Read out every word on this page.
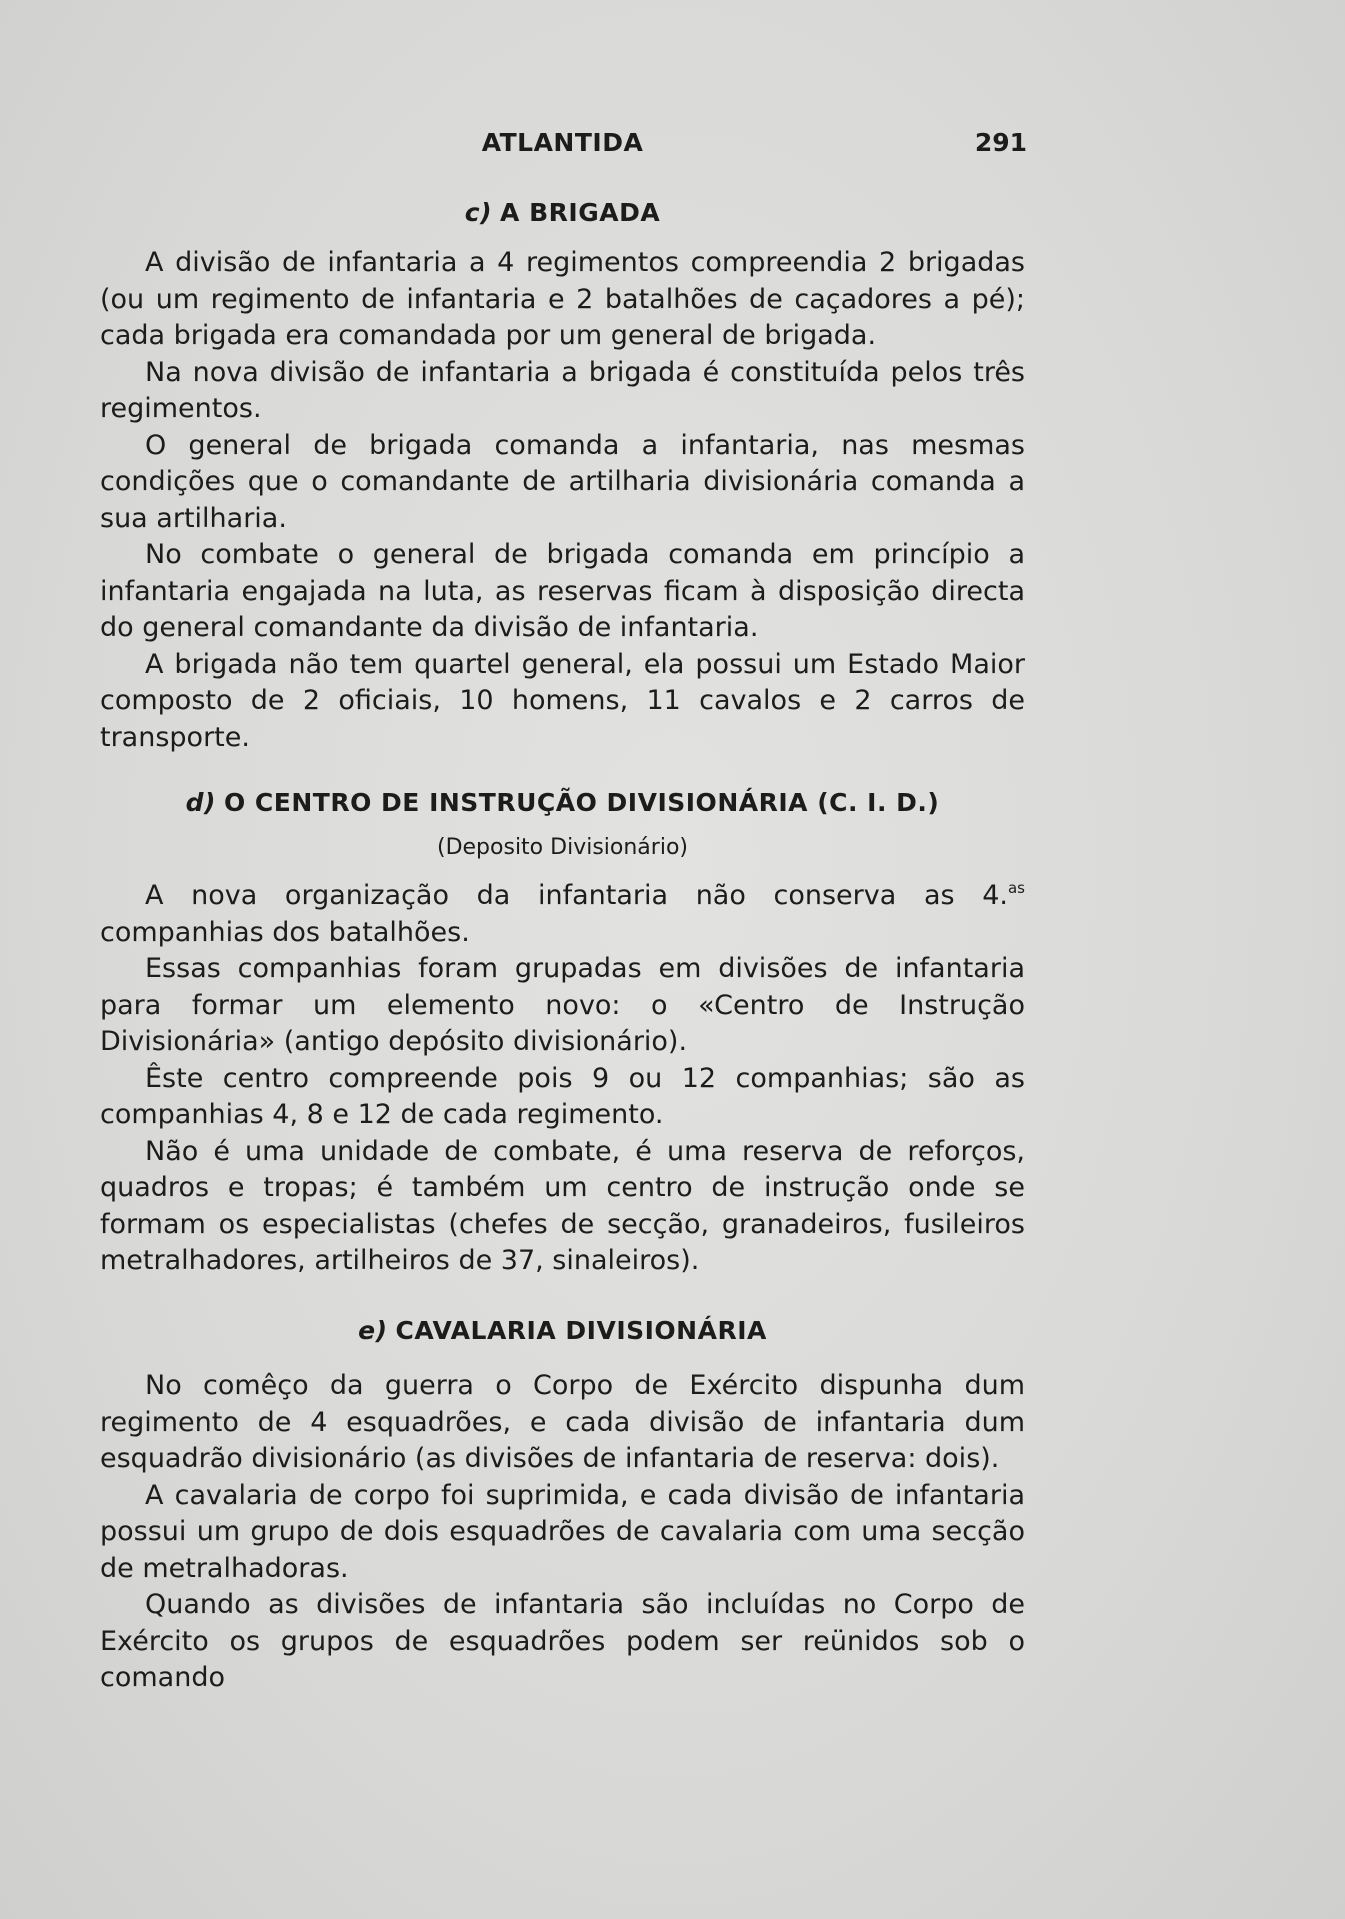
ATLANTIDA	291
c) A BRIGADA

A divisão de infantaria a 4 regimentos compreendia 2 brigadas (ou um regimento de infantaria e 2 batalhões de caçadores a pé); cada brigada era comandada por um general de brigada.

Na nova divisão de infantaria a brigada é constituída pelos três regimentos.

O general de brigada comanda a infantaria, nas mesmas condições que o comandante de artilharia divisionária comanda a sua artilharia.

No combate o general de brigada comanda em princípio a infantaria engajada na luta, as reservas ficam à disposição directa do general comandante da divisão de infantaria.

A brigada não tem quartel general, ela possui um Estado Maior composto de 2 oficiais, 10 homens, 11 cavalos e 2 carros de transporte.

d) O CENTRO DE INSTRUÇÃO DIVISIONÁRIA (C. I. D.)
(Deposito Divisionário)

A nova organização da infantaria não conserva as 4.$^{as}$ companhias dos batalhões.

Essas companhias foram grupadas em divisões de infantaria para formar um elemento novo: o «Centro de Instrução Divisionária» (antigo depósito divisionário).

Êste centro compreende pois 9 ou 12 companhias; são as companhias 4, 8 e 12 de cada regimento.

Não é uma unidade de combate, é uma reserva de reforços, quadros e tropas; é também um centro de instrução onde se formam os especialistas (chefes de secção, granadeiros, fusileiros metralhadores, artilheiros de 37, sinaleiros).

e) CAVALARIA DIVISIONÁRIA

No comêço da guerra o Corpo de Exército dispunha dum regimento de 4 esquadrões, e cada divisão de infantaria dum esquadrão divisionário (as divisões de infantaria de reserva: dois).

A cavalaria de corpo foi suprimida, e cada divisão de infantaria possui um grupo de dois esquadrões de cavalaria com uma secção de metralhadoras.

Quando as divisões de infantaria são incluídas no Corpo de Exército os grupos de esquadrões podem ser reünidos sob o comando
